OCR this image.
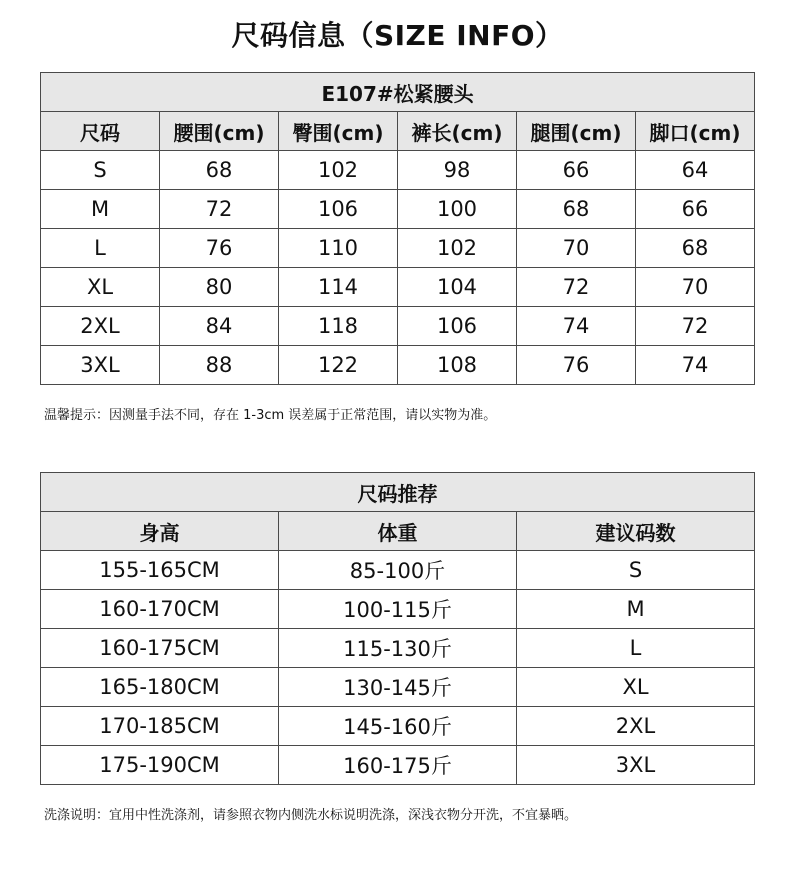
尺码信息（SIZE INFO）
E107#松紧腰头					
尺码	腰围(cm)	臀围(cm)	裤长(cm)	腿围(cm)	脚口(cm)
S	68	102	98	66	64
M	72	106	100	68	66
L	76	110	102	70	68
XL	80	114	104	72	70
2XL	84	118	106	74	72
3XL	88	122	108	76	74
温馨提示：因测量手法不同，存在 1-3cm 误差属于正常范围，请以实物为准。
尺码推荐		
身高	体重	建议码数
155-165CM	85-100斤	S
160-170CM	100-115斤	M
160-175CM	115-130斤	L
165-180CM	130-145斤	XL
170-185CM	145-160斤	2XL
175-190CM	160-175斤	3XL
洗涤说明：宜用中性洗涤剂，请参照衣物内侧洗水标说明洗涤，深浅衣物分开洗，不宜暴晒。
